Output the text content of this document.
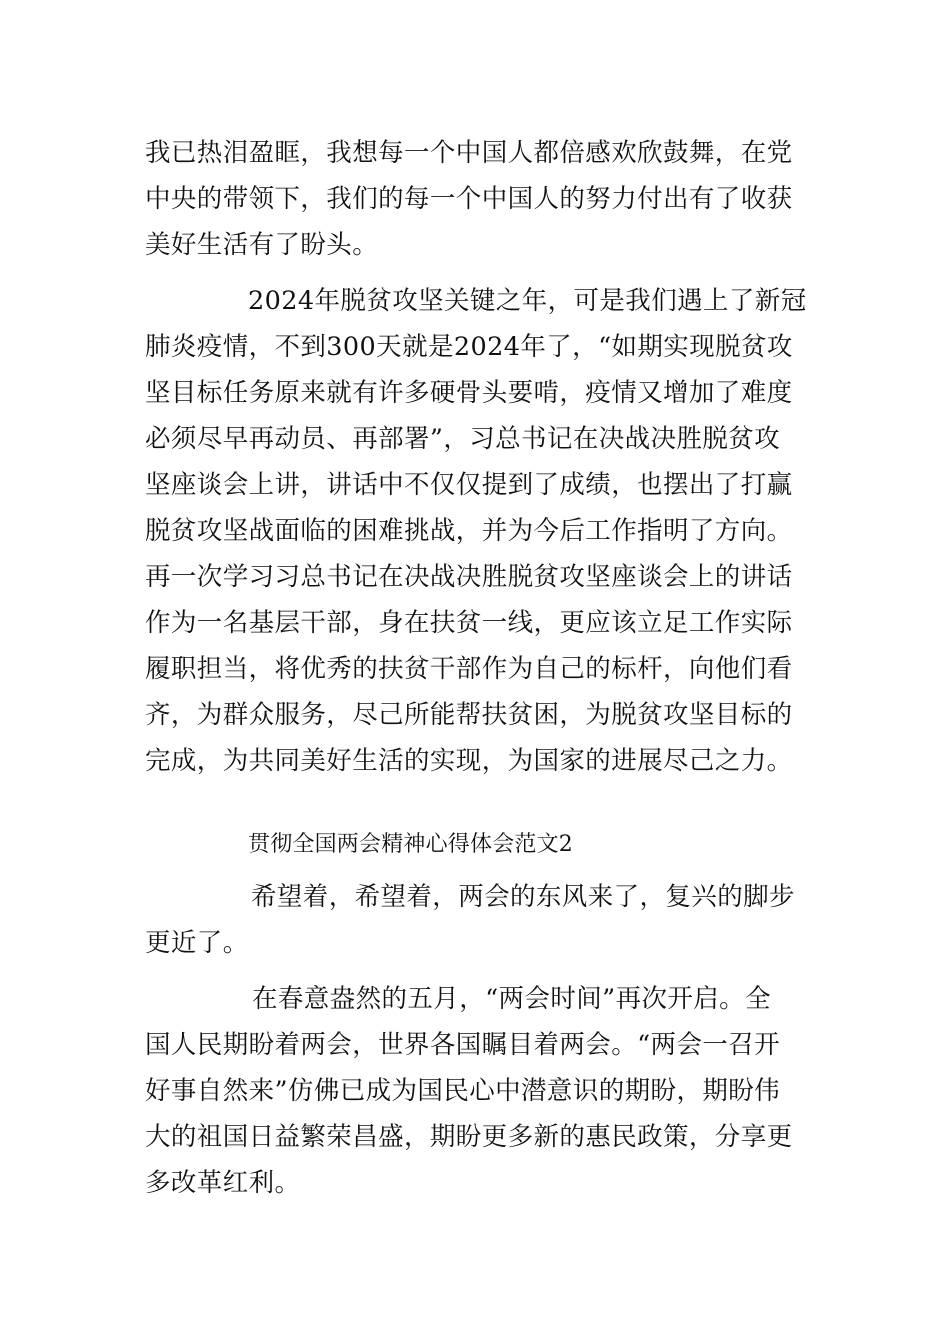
我已热泪盈眶，我想每一个中国人都倍感欢欣鼓舞，在党
中央的带领下，我们的每一个中国人的努力付出有了收获
美好生活有了盼头。
2024年脱贫攻坚关键之年，可是我们遇上了新冠
肺炎疫情，不到300天就是2024年了，“如期实现脱贫攻
坚目标任务原来就有许多硬骨头要啃，疫情又增加了难度
必须尽早再动员、再部署”，习总书记在决战决胜脱贫攻
坚座谈会上讲，讲话中不仅仅提到了成绩，也摆出了打赢
脱贫攻坚战面临的困难挑战，并为今后工作指明了方向。
再一次学习习总书记在决战决胜脱贫攻坚座谈会上的讲话
作为一名基层干部，身在扶贫一线，更应该立足工作实际
履职担当，将优秀的扶贫干部作为自己的标杆，向他们看
齐，为群众服务，尽己所能帮扶贫困，为脱贫攻坚目标的
完成，为共同美好生活的实现，为国家的进展尽己之力。
贯彻全国两会精神心得体会范文2
希望着，希望着，两会的东风来了，复兴的脚步
更近了。
在春意盎然的五月，“两会时间”再次开启。全
国人民期盼着两会，世界各国瞩目着两会。“两会一召开
好事自然来”仿佛已成为国民心中潜意识的期盼，期盼伟
大的祖国日益繁荣昌盛，期盼更多新的惠民政策，分享更
多改革红利。
